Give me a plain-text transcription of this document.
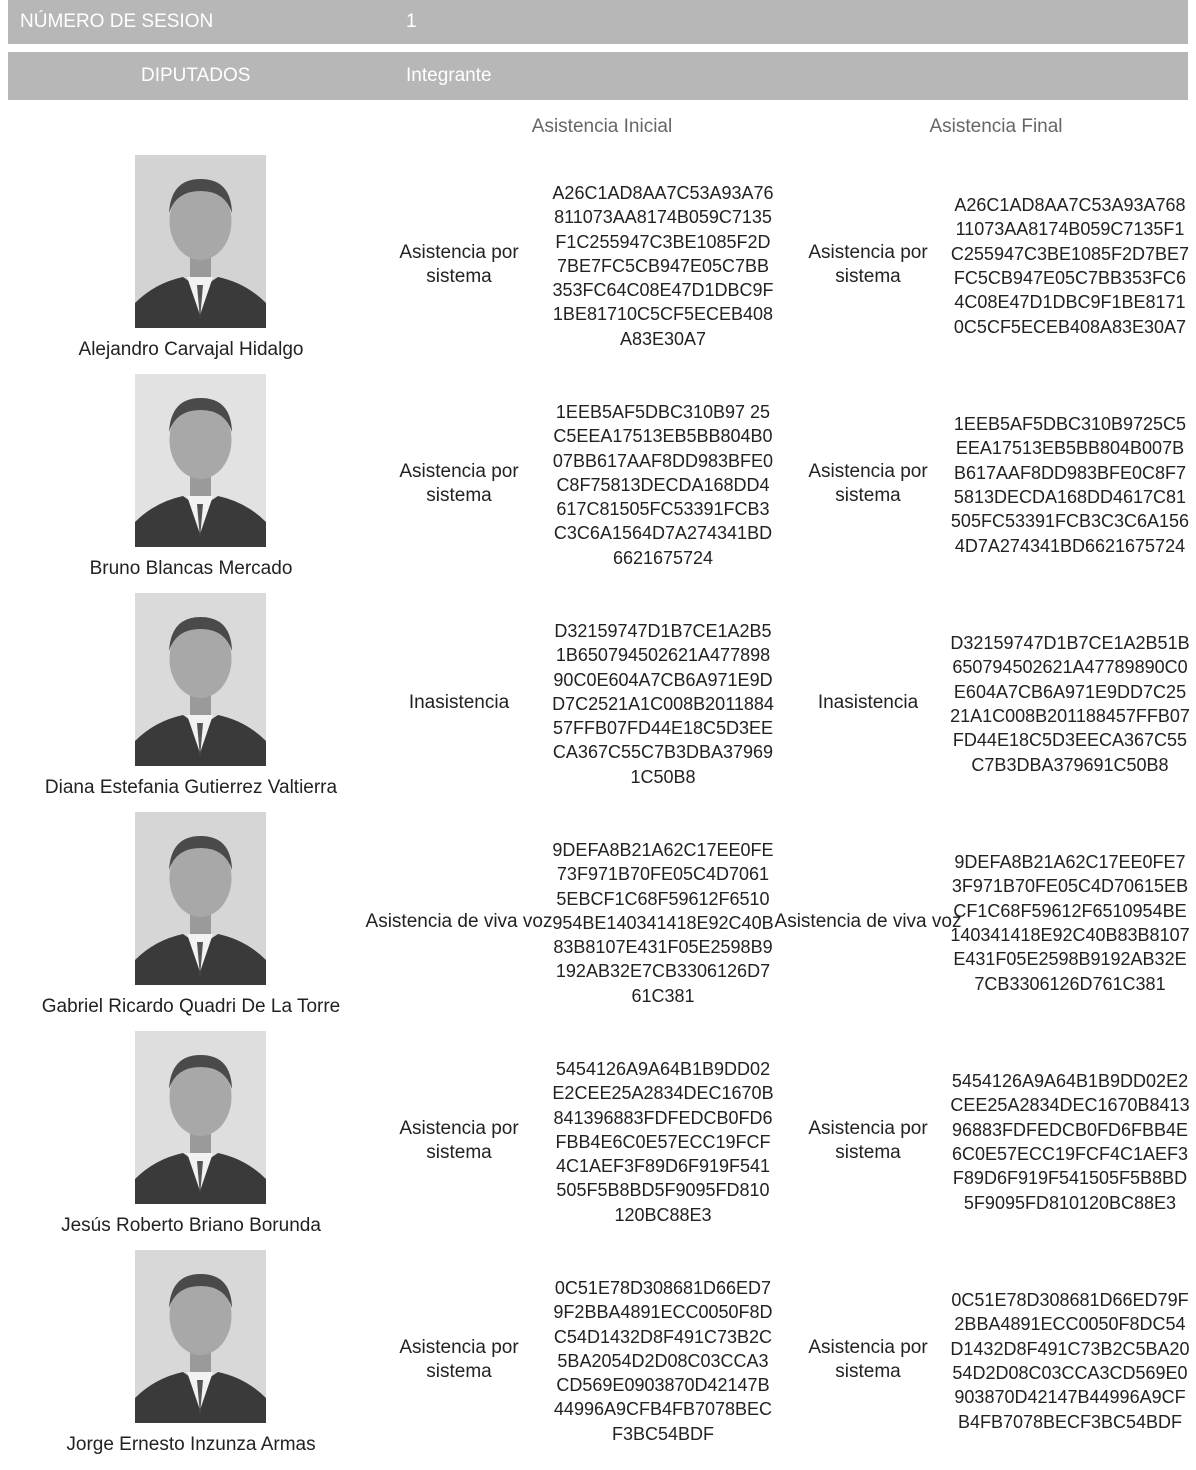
NÚMERO DE SESION	1
DIPUTADOS	Integrante
Asistencia Inicial	Asistencia Final
Alejandro Carvajal Hidalgo
Asistencia por sistema
A26C1AD8AA7C53A93A76811073AA8174B059C7135F1C255947C3BE1085F2D7BE7FC5CB947E05C7BB353FC64C08E47D1DBC9F1BE81710C5CF5ECEB408A83E30A7
Asistencia por sistema
A26C1AD8AA7C53A93A76811073AA8174B059C7135F1C255947C3BE1085F2D7BE7FC5CB947E05C7BB353FC64C08E47D1DBC9F1BE81710C5CF5ECEB408A83E30A7
Bruno Blancas Mercado
Asistencia por sistema
1EEB5AF5DBC310B97 25C5EEA17513EB5BB804B007BB617AAF8DD983BFE0C8F75813DECDA168DD4617C81505FC53391FCB3C3C6A1564D7A274341BD6621675724
Asistencia por sistema
1EEB5AF5DBC310B9725C5EEA17513EB5BB804B007BB617AAF8DD983BFE0C8F75813DECDA168DD4617C81505FC53391FCB3C3C6A1564D7A274341BD6621675724
Diana Estefania Gutierrez Valtierra
Inasistencia
D32159747D1B7CE1A2B51B650794502621A47789890C0E604A7CB6A971E9DD7C2521A1C008B201188457FFB07FD44E18C5D3EECA367C55C7B3DBA379691C50B8
Inasistencia
D32159747D1B7CE1A2B51B650794502621A47789890C0E604A7CB6A971E9DD7C2521A1C008B201188457FFB07FD44E18C5D3EECA367C55C7B3DBA379691C50B8
Gabriel Ricardo Quadri De La Torre
Asistencia de viva voz
9DEFA8B21A62C17EE0FE73F971B70FE05C4D70615EBCF1C68F59612F6510954BE140341418E92C40B83B8107E431F05E2598B9192AB32E7CB3306126D761C381
Asistencia de viva voz
9DEFA8B21A62C17EE0FE73F971B70FE05C4D70615EBCF1C68F59612F6510954BE140341418E92C40B83B8107E431F05E2598B9192AB32E7CB3306126D761C381
Jesús Roberto Briano Borunda
Asistencia por sistema
5454126A9A64B1B9DD02E2CEE25A2834DEC1670B841396883FDFEDCB0FD6FBB4E6C0E57ECC19FCF4C1AEF3F89D6F919F541505F5B8BD5F9095FD810120BC88E3
Asistencia por sistema
5454126A9A64B1B9DD02E2CEE25A2834DEC1670B841396883FDFEDCB0FD6FBB4E6C0E57ECC19FCF4C1AEF3F89D6F919F541505F5B8BD5F9095FD810120BC88E3
Jorge Ernesto Inzunza Armas
Asistencia por sistema
0C51E78D308681D66ED79F2BBA4891ECC0050F8DC54D1432D8F491C73B2C5BA2054D2D08C03CCA3CD569E0903870D42147B44996A9CFB4FB7078BECF3BC54BDF
Asistencia por sistema
0C51E78D308681D66ED79F2BBA4891ECC0050F8DC54D1432D8F491C73B2C5BA2054D2D08C03CCA3CD569E0903870D42147B44996A9CFB4FB7078BECF3BC54BDF
